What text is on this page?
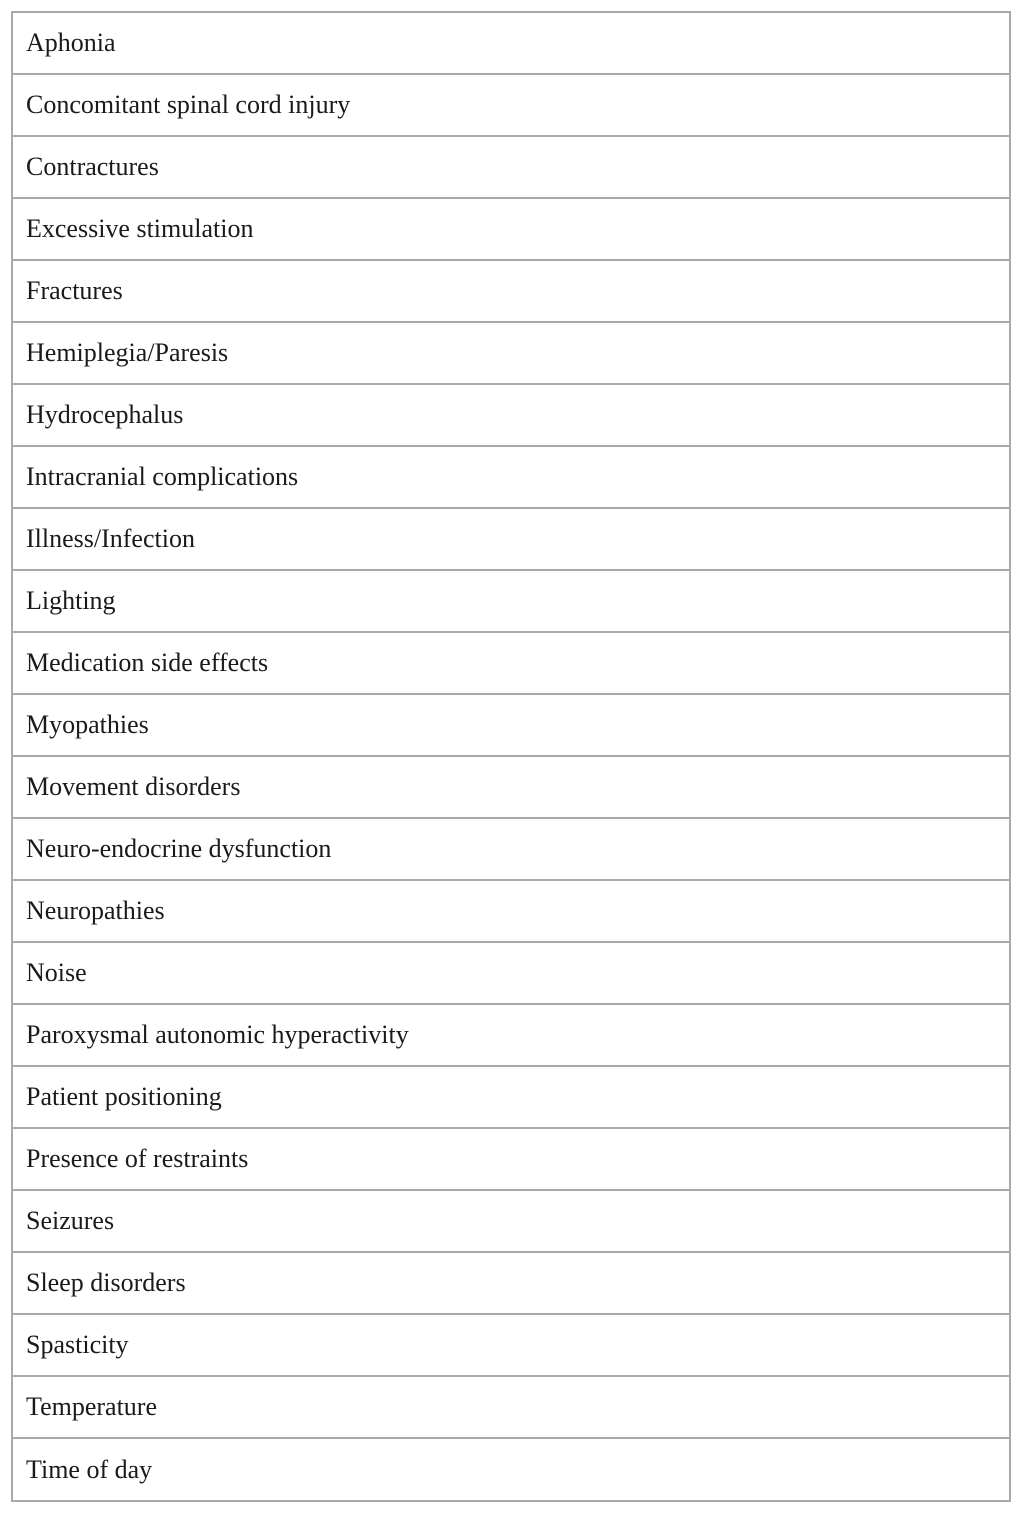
Aphonia
Concomitant spinal cord injury
Contractures
Excessive stimulation
Fractures
Hemiplegia/Paresis
Hydrocephalus
Intracranial complications
Illness/Infection
Lighting
Medication side effects
Myopathies
Movement disorders
Neuro-endocrine dysfunction
Neuropathies
Noise
Paroxysmal autonomic hyperactivity
Patient positioning
Presence of restraints
Seizures
Sleep disorders
Spasticity
Temperature
Time of day
